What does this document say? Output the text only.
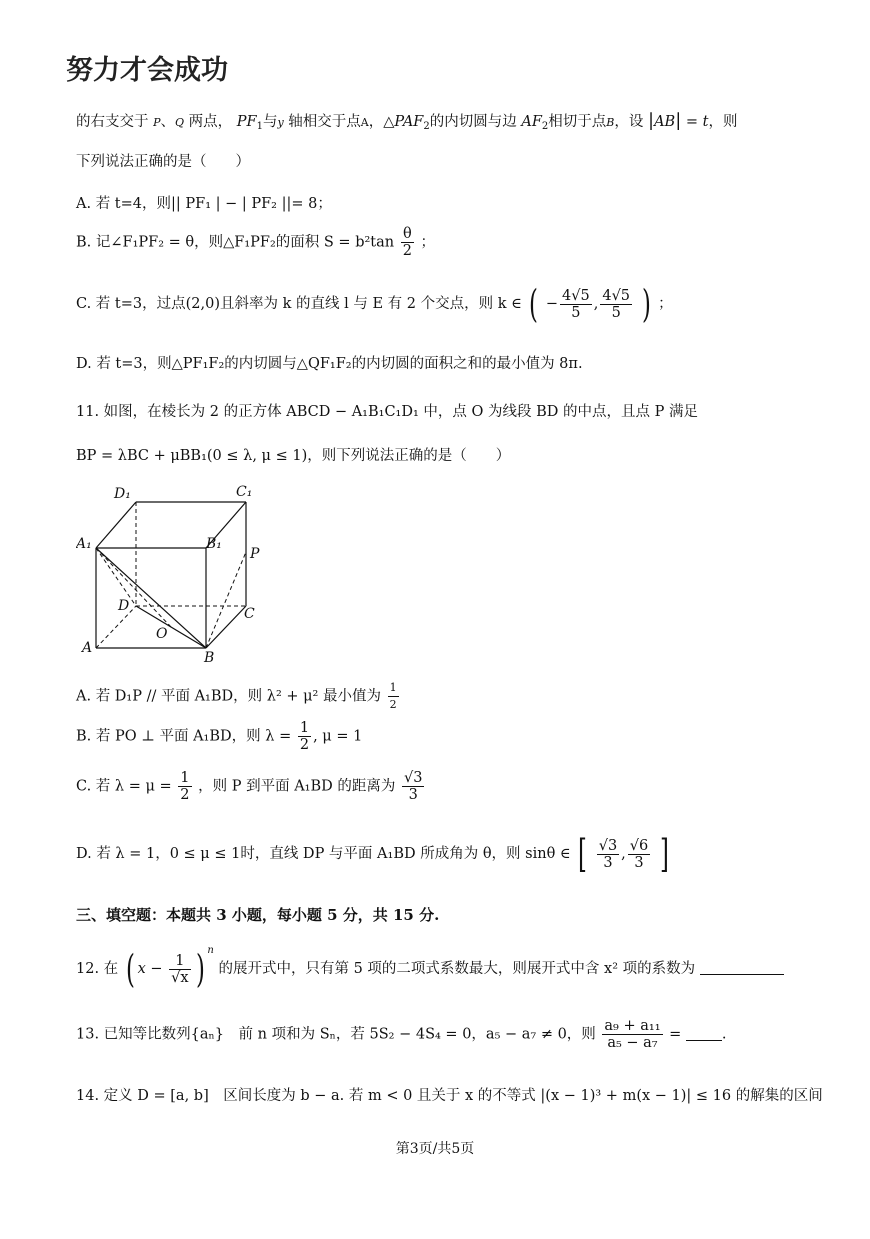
努力才会成功
的右支交于 P、Q 两点， $PF_1$与y 轴相交于点A，$\triangle PAF_2$的内切圆与边 $AF_2$相切于点B，设 |AB| = t，则
下列说法正确的是（　　）
A. 若 t=4，则|| PF₁ | − | PF₂ ||= 8；
B. 记∠F₁PF₂ = θ，则△F₁PF₂的面积 $S = b^2\tan \frac{\theta}{2}$ ；
C. 若 t=3，过点(2,0)且斜率为 k 的直线 l 与 E 有 2 个交点，则 k ∈ ( − $\frac{4√5}{5}$ , $\frac{4√5}{5}$ ) ；
D. 若 t=3，则△PF₁F₂的内切圆与△QF₁F₂的内切圆的面积之和的最小值为 8π.
11. 如图，在棱长为 2 的正方体 ABCD − A₁B₁C₁D₁ 中，点 O 为线段 BD 的中点，且点 P 满足
BP = λBC + μBB₁(0 ≤ λ, μ ≤ 1)，则下列说法正确的是（　　）
D₁	C₁
A₁	B₁
P
D	C
O
A
B
A. 若 D₁P // 平面 A₁BD，则 λ² + μ² 最小值为 $\frac{1}{2}$
B. 若 PO ⊥ 平面 A₁BD，则 $\lambda = \frac{1}{2}$ , μ = 1
C. 若 $\lambda = \mu = \frac{1}{2}$ ，则 P 到平面 A₁BD 的距离为 $\frac{√3}{3}$
D. 若 λ = 1，0 ≤ μ ≤ 1时，直线 DP 与平面 A₁BD 所成角为 θ，则 sinθ ∈ [ $\frac{√3}{3}$ , $\frac{√6}{3}$ ]
三、填空题：本题共 3 小题，每小题 5 分，共 15 分.
12. 在 ( $x - \frac{1}{√x}$ ) $^n$ 的展开式中，只有第 5 项的二项式系数最大，则展开式中含 x² 项的系数为
13. 已知等比数列{aₙ}　前 n 项和为 Sₙ，若 5S₂ − 4S₄ = 0，a₅ − a₇ ≠ 0，则 $\frac{\text{a₉ + a₁₁}}{\text{a₅ − a₇}}$ =	.
14. 定义 D = [a, b]　区间长度为 b − a. 若 m < 0 且关于 x 的不等式 |(x − 1)³ + m(x − 1)| ≤ 16 的解集的区间
第3页/共5页
